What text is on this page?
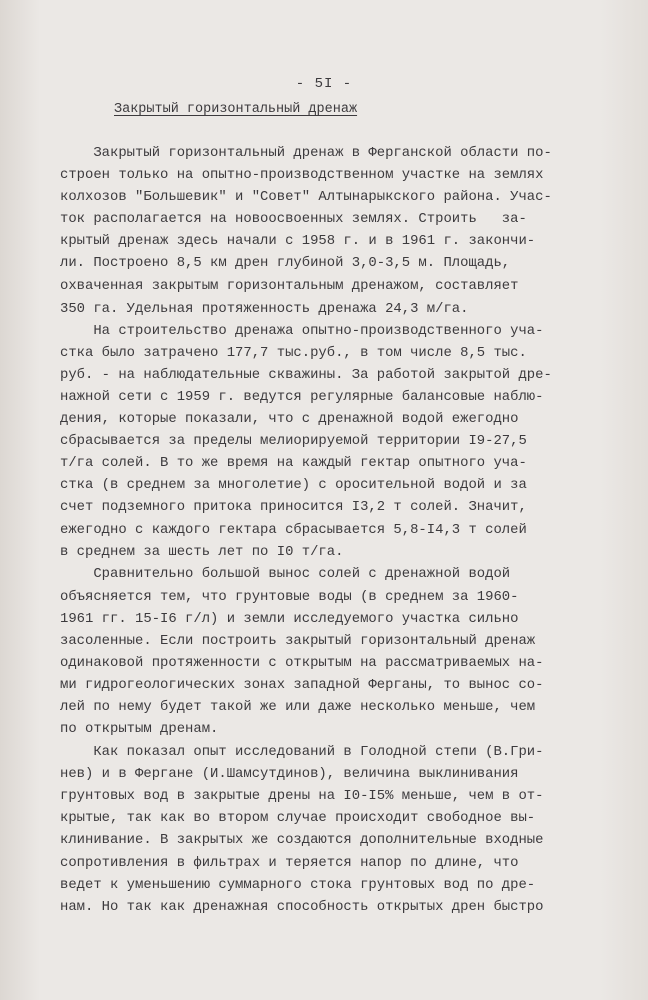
- 5I -
Закрытый горизонтальный дренаж
Закрытый горизонтальный дренаж в Ферганской области по-
строен только на опытно-производственном участке на землях
колхозов "Большевик" и "Совет" Алтынарыкского района. Учас-
ток располагается на новоосвоенных землях. Строить   за-
крытый дренаж здесь начали с 1958 г. и в 1961 г. закончи-
ли. Построено 8,5 км дрен глубиной 3,0-3,5 м. Площадь,
охваченная закрытым горизонтальным дренажом, составляет
350 га. Удельная протяженность дренажа 24,3 м/га.
На строительство дренажа опытно-производственного уча-
стка было затрачено 177,7 тыс.руб., в том числе 8,5 тыс.
руб. - на наблюдательные скважины. За работой закрытой дре-
нажной сети с 1959 г. ведутся регулярные балансовые наблю-
дения, которые показали, что с дренажной водой ежегодно
сбрасывается за пределы мелиорируемой территории I9-27,5
т/га солей. В то же время на каждый гектар опытного уча-
стка (в среднем за многолетие) с оросительной водой и за
счет подземного притока приносится I3,2 т солей. Значит,
ежегодно с каждого гектара сбрасывается 5,8-I4,3 т солей
в среднем за шесть лет по I0 т/га.
Сравнительно большой вынос солей с дренажной водой
объясняется тем, что грунтовые воды (в среднем за 1960-
1961 гг. 15-I6 г/л) и земли исследуемого участка сильно
засоленные. Если построить закрытый горизонтальный дренаж
одинаковой протяженности с открытым на рассматриваемых на-
ми гидрогеологических зонах западной Ферганы, то вынос со-
лей по нему будет такой же или даже несколько меньше, чем
по открытым дренам.
Как показал опыт исследований в Голодной степи (В.Гри-
нев) и в Фергане (И.Шамсутдинов), величина выклинивания
грунтовых вод в закрытые дрены на I0-I5% меньше, чем в от-
крытые, так как во втором случае происходит свободное вы-
клинивание. В закрытых же создаются дополнительные входные
сопротивления в фильтрах и теряется напор по длине, что
ведет к уменьшению суммарного стока грунтовых вод по дре-
нам. Но так как дренажная способность открытых дрен быстро
